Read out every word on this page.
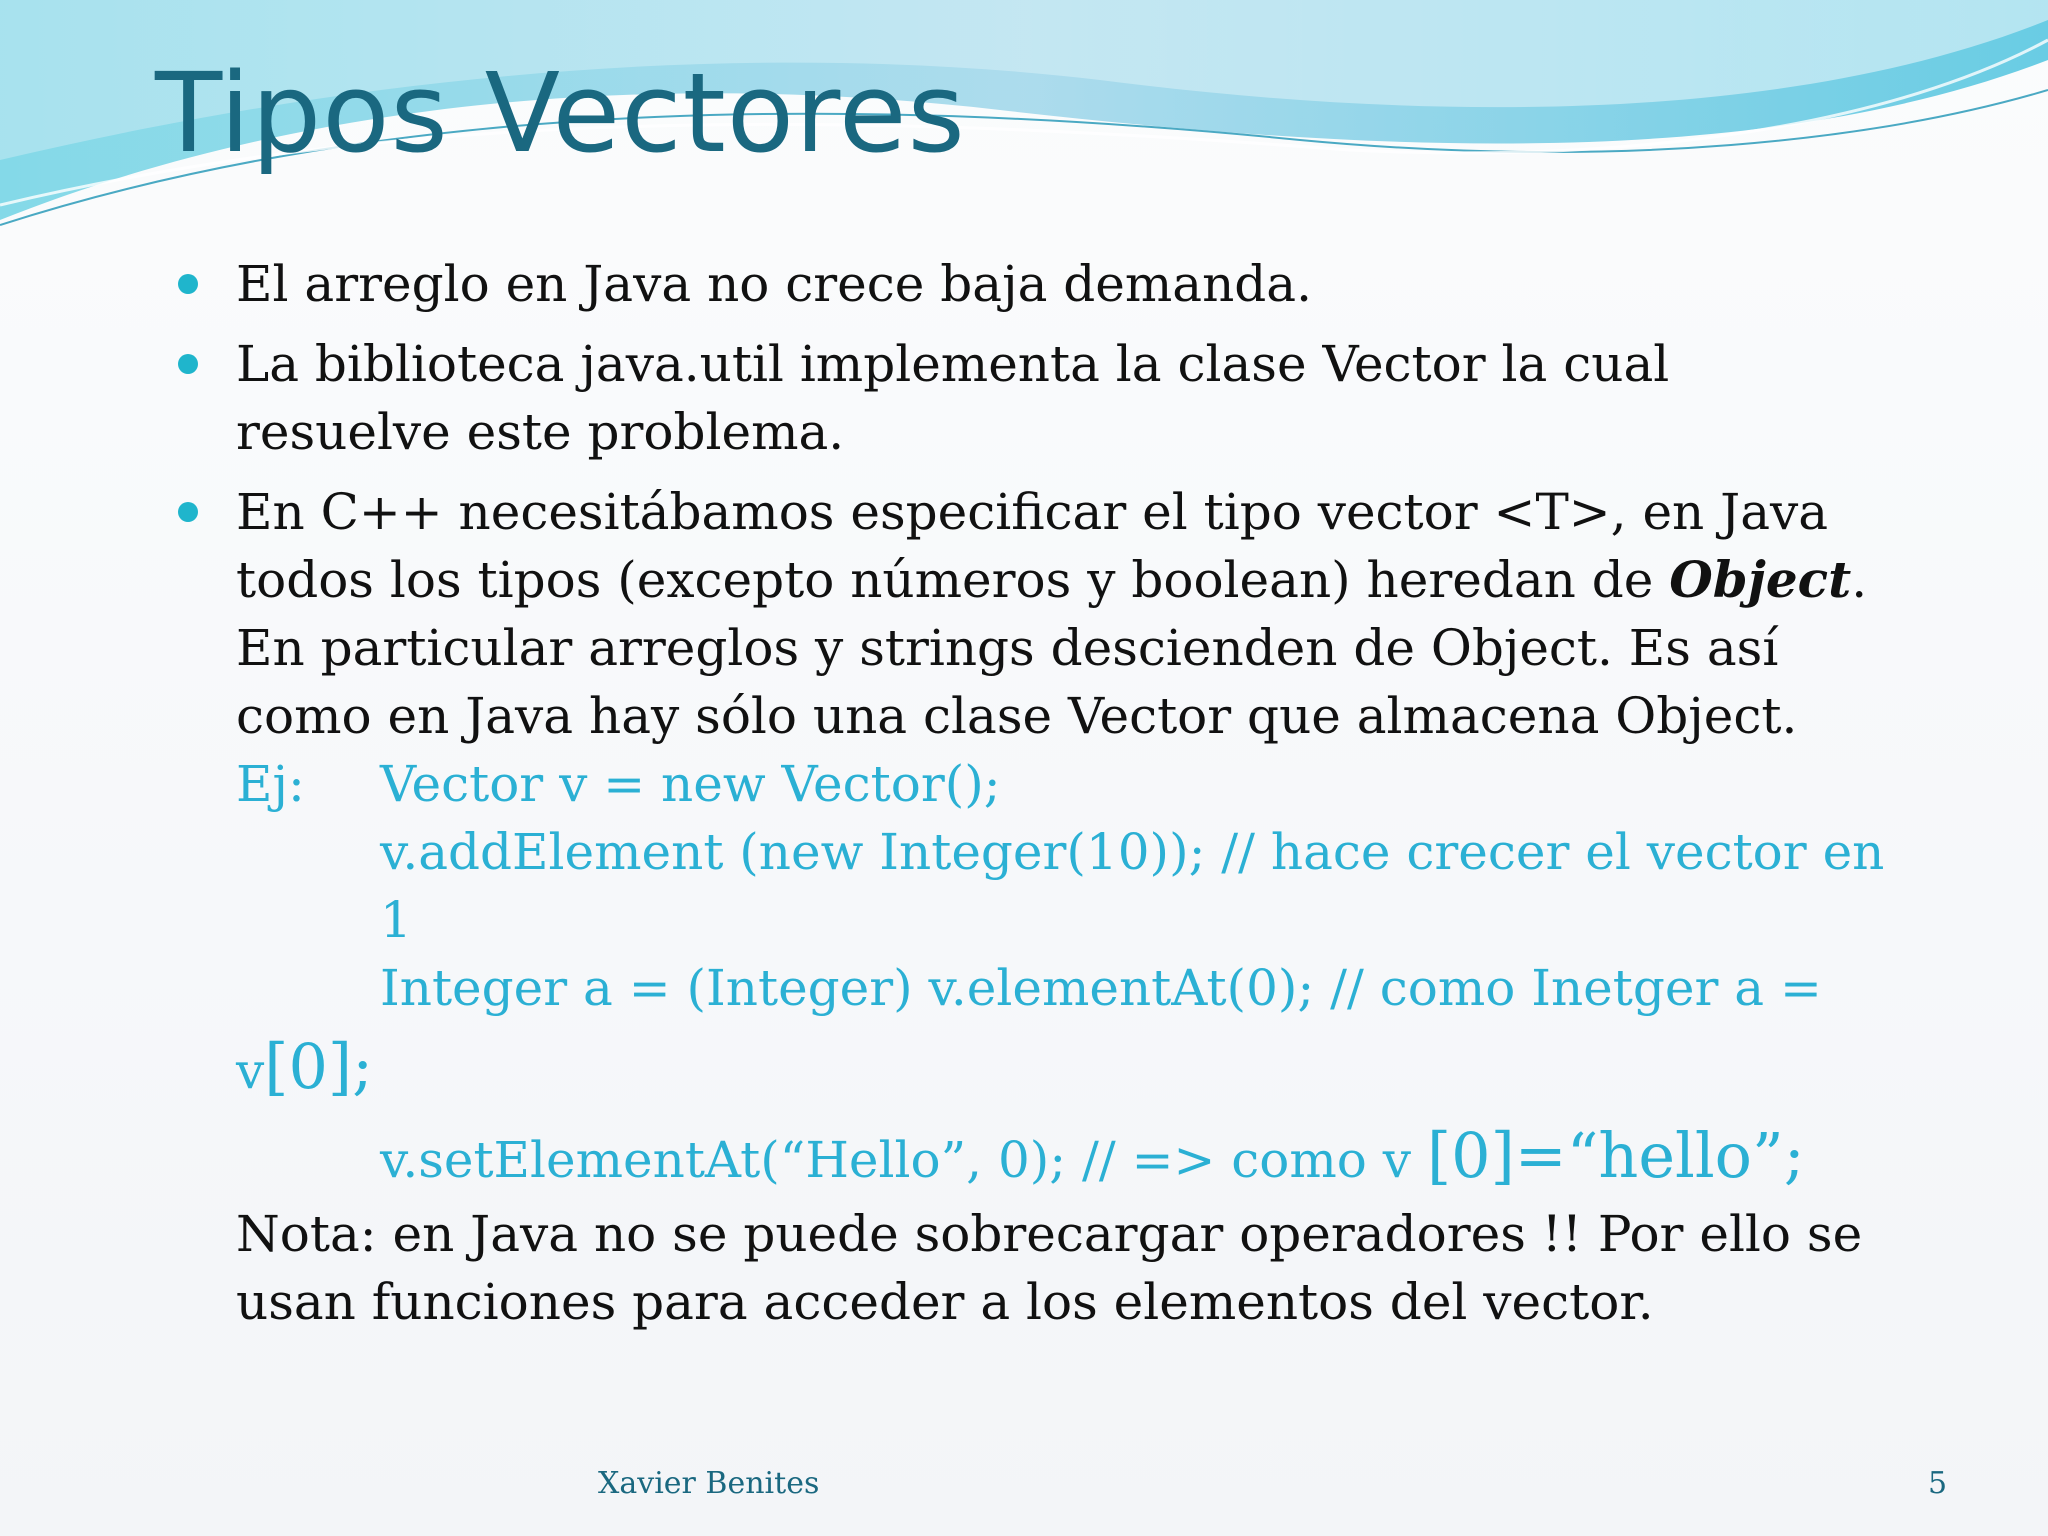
Tipos Vectores
El arreglo en Java no crece baja demanda.
La biblioteca java.util implementa la clase Vector la cual resuelve este problema.
En C++ necesitábamos especificar el tipo vector <T>, en Java todos los tipos (excepto números y boolean) heredan de Object. En particular arreglos y strings descienden de Object. Es así como en Java hay sólo una clase Vector que almacena Object.
Ej: Vector v = new Vector();
v.addElement (new Integer(10)); // hace crecer el vector en 1
Integer a = (Integer) v.elementAt(0); // como Inetger a =
v[0];
v.setElementAt(“Hello”, 0); // => como v [0]=“hello”;
Nota: en Java no se puede sobrecargar operadores !! Por ello se usan funciones para acceder a los elementos del vector.
Xavier Benites	5
